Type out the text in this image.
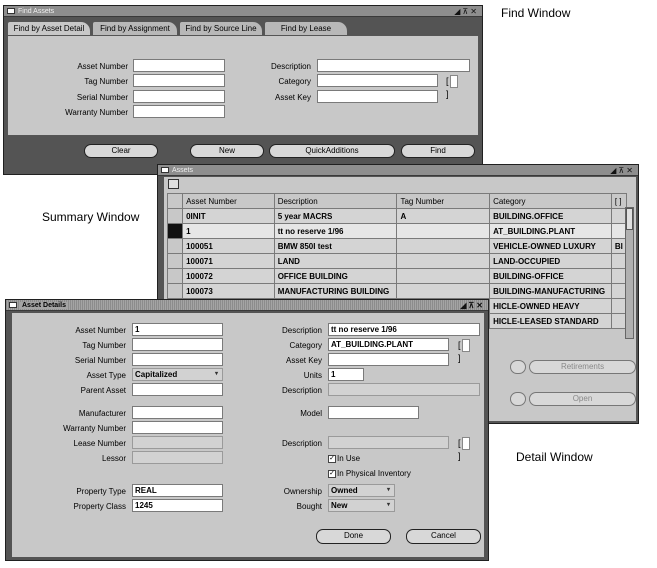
Find Window
Summary Window
Detail Window
Find Assets	◢⊼✕
Find by Asset Detail	Find by Assignment	Find by Source Line	Find by Lease
Asset Number
Tag Number
Serial Number
Warranty Number
Description
Category	[]
Asset Key
Clear	New	QuickAdditions	Find
Assets	◢⊼✕
	Asset Number	Description	Tag Number	Category	[ ]
	0INIT	5 year MACRS	A	BUILDING.OFFICE	
	1	tt no reserve 1/96		AT_BUILDING.PLANT	
	100051	BMW 850I test		VEHICLE-OWNED LUXURY	BI
	100071	LAND		LAND-OCCUPIED	
	100072	OFFICE BUILDING		BUILDING-OFFICE	
	100073	MANUFACTURING BUILDING		BUILDING-MANUFACTURING	
				HICLE-OWNED HEAVY	
				HICLE-LEASED STANDARD	
Retirements
Open
Asset Details	◢⊼✕
Asset Number	1
Tag Number
Serial Number
Asset Type	Capitalized	▾
Parent Asset
Manufacturer
Warranty Number
Lease Number
Lessor
Property Type	REAL
Property Class	1245
Description	tt no reserve 1/96
Category	AT_BUILDING.PLANT	[]
Asset Key
Units	1
Description
Model
Description	[]
✓ In Use
✓ In Physical Inventory
Ownership	Owned	▾
Bought	New	▾
Done	Cancel
